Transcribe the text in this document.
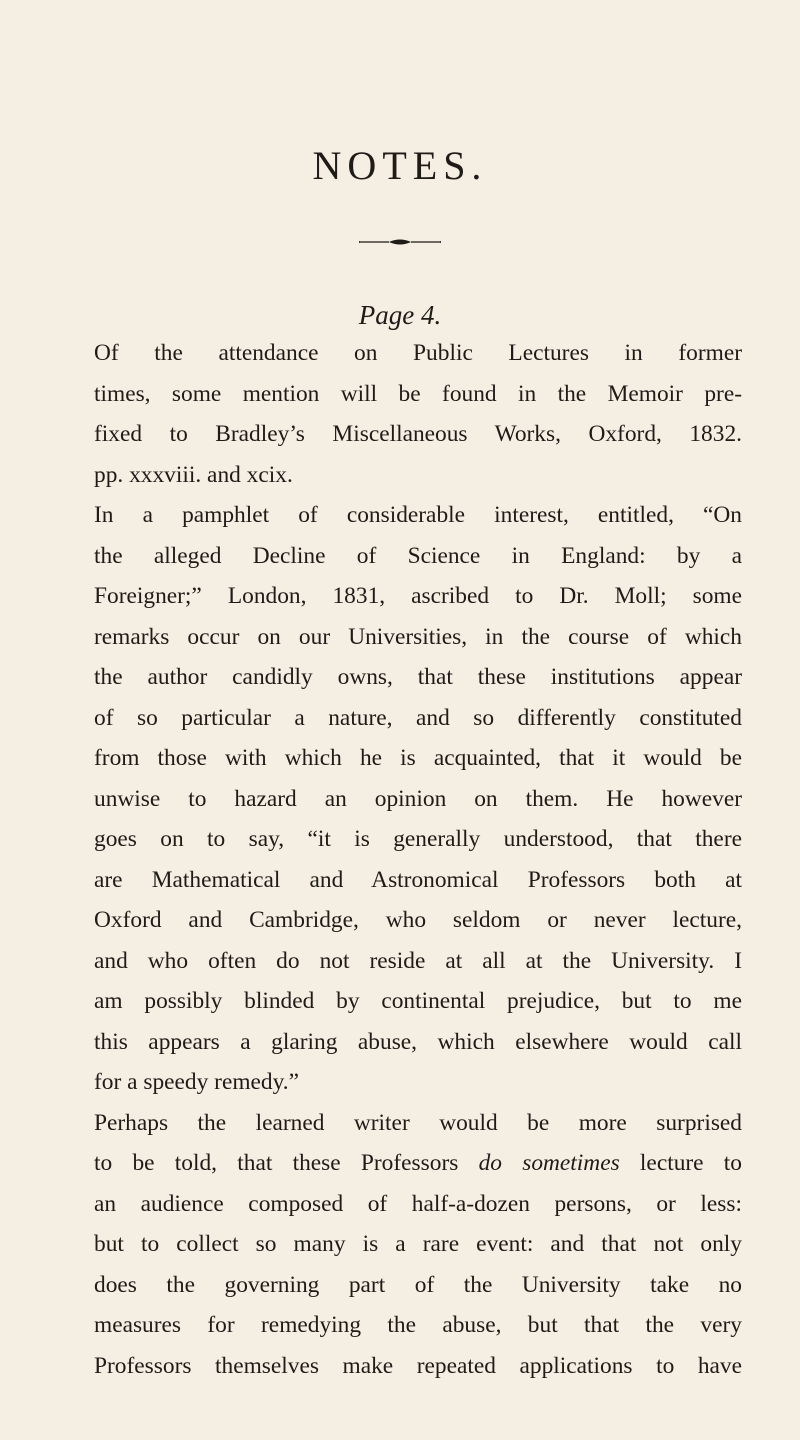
NOTES.
Page 4.

Of the attendance on Public Lectures in former
times, some mention will be found in the Memoir pre-
fixed to Bradley’s Miscellaneous Works, Oxford, 1832.
pp. xxxviii. and xcix.

In a pamphlet of considerable interest, entitled, “On
the alleged Decline of Science in England: by a
Foreigner;” London, 1831, ascribed to Dr. Moll; some
remarks occur on our Universities, in the course of which
the author candidly owns, that these institutions appear
of so particular a nature, and so differently constituted
from those with which he is acquainted, that it would be
unwise to hazard an opinion on them. He however
goes on to say, “it is generally understood, that there
are Mathematical and Astronomical Professors both at
Oxford and Cambridge, who seldom or never lecture,
and who often do not reside at all at the University. I
am possibly blinded by continental prejudice, but to me
this appears a glaring abuse, which elsewhere would call
for a speedy remedy.”

Perhaps the learned writer would be more surprised
to be told, that these Professors do sometimes lecture to
an audience composed of half-a-dozen persons, or less:
but to collect so many is a rare event: and that not only
does the governing part of the University take no
measures for remedying the abuse, but that the very
Professors themselves make repeated applications to have
